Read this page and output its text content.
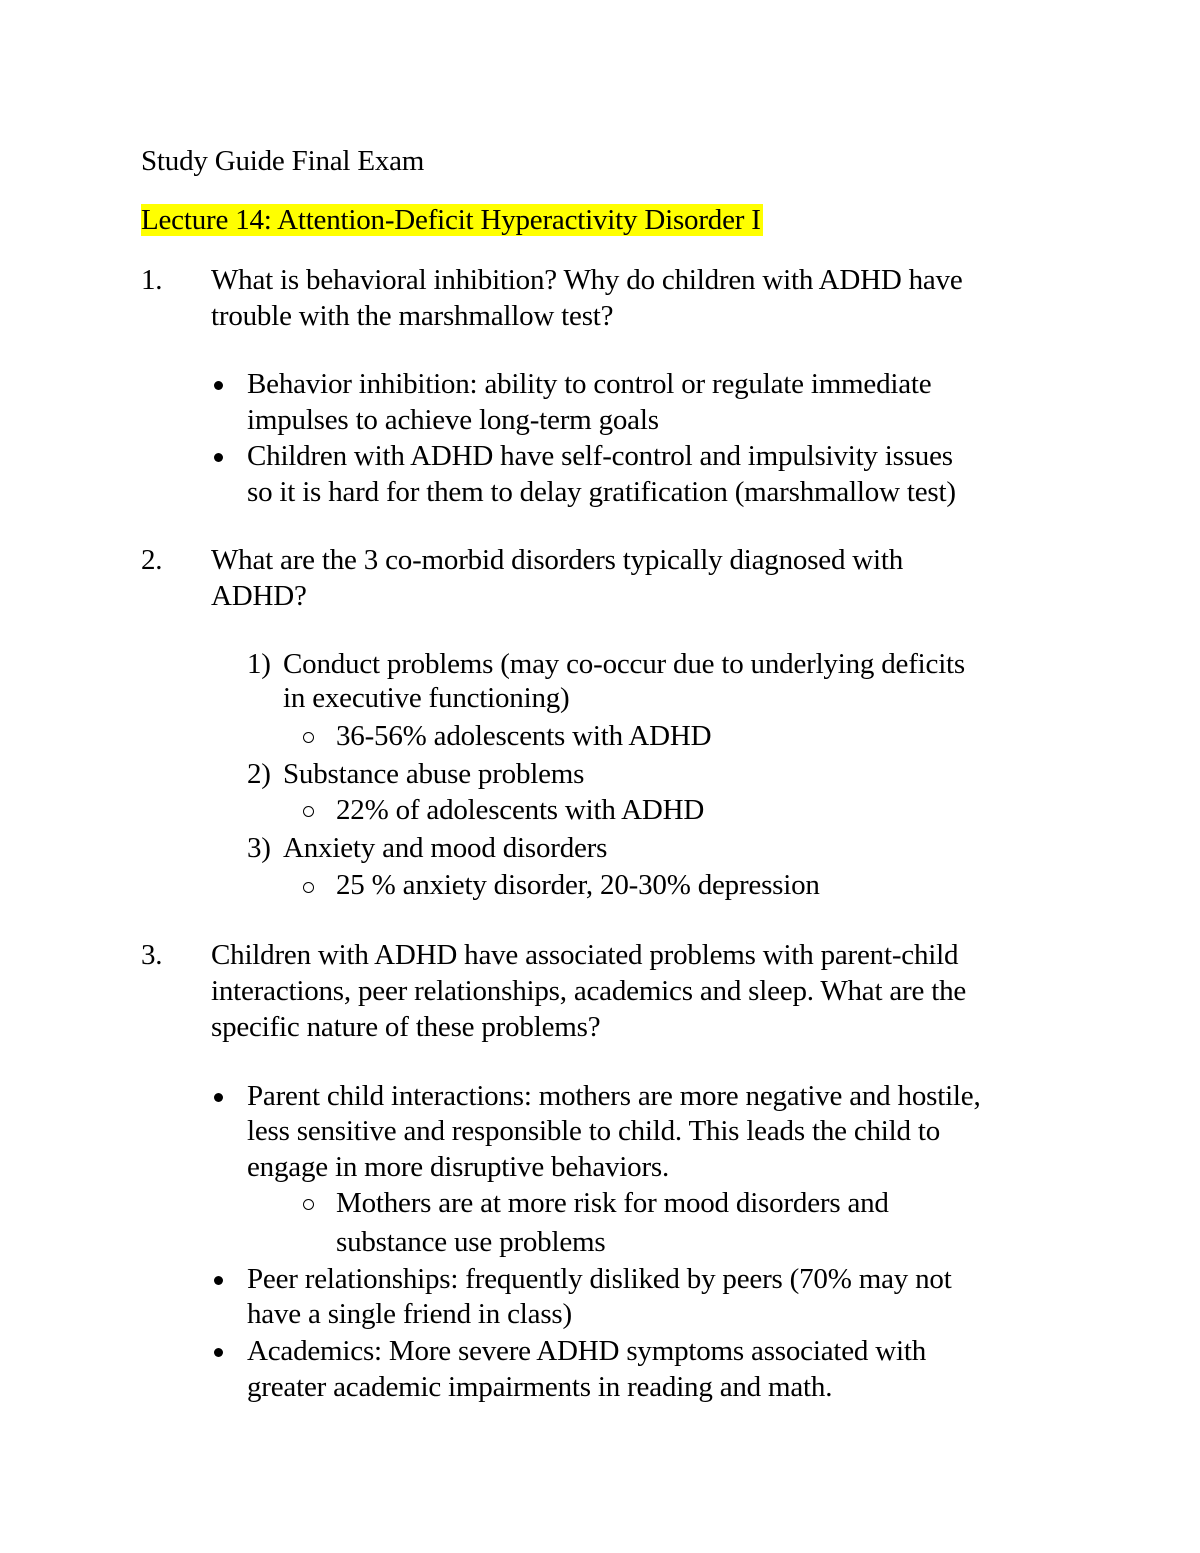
Study Guide Final Exam
Lecture 14: Attention-Deficit Hyperactivity Disorder I
1. What is behavioral inhibition? Why do children with ADHD have
trouble with the marshmallow test?
Behavior inhibition: ability to control or regulate immediate
impulses to achieve long-term goals
Children with ADHD have self-control and impulsivity issues
so it is hard for them to delay gratification (marshmallow test)
2. What are the 3 co-morbid disorders typically diagnosed with
ADHD?
1) Conduct problems (may co-occur due to underlying deficits
in executive functioning)
36-56% adolescents with ADHD
2) Substance abuse problems
22% of adolescents with ADHD
3) Anxiety and mood disorders
25 % anxiety disorder, 20-30% depression
3. Children with ADHD have associated problems with parent-child
interactions, peer relationships, academics and sleep. What are the
specific nature of these problems?
Parent child interactions: mothers are more negative and hostile,
less sensitive and responsible to child. This leads the child to
engage in more disruptive behaviors.
Mothers are at more risk for mood disorders and
substance use problems
Peer relationships: frequently disliked by peers (70% may not
have a single friend in class)
Academics: More severe ADHD symptoms associated with
greater academic impairments in reading and math.
